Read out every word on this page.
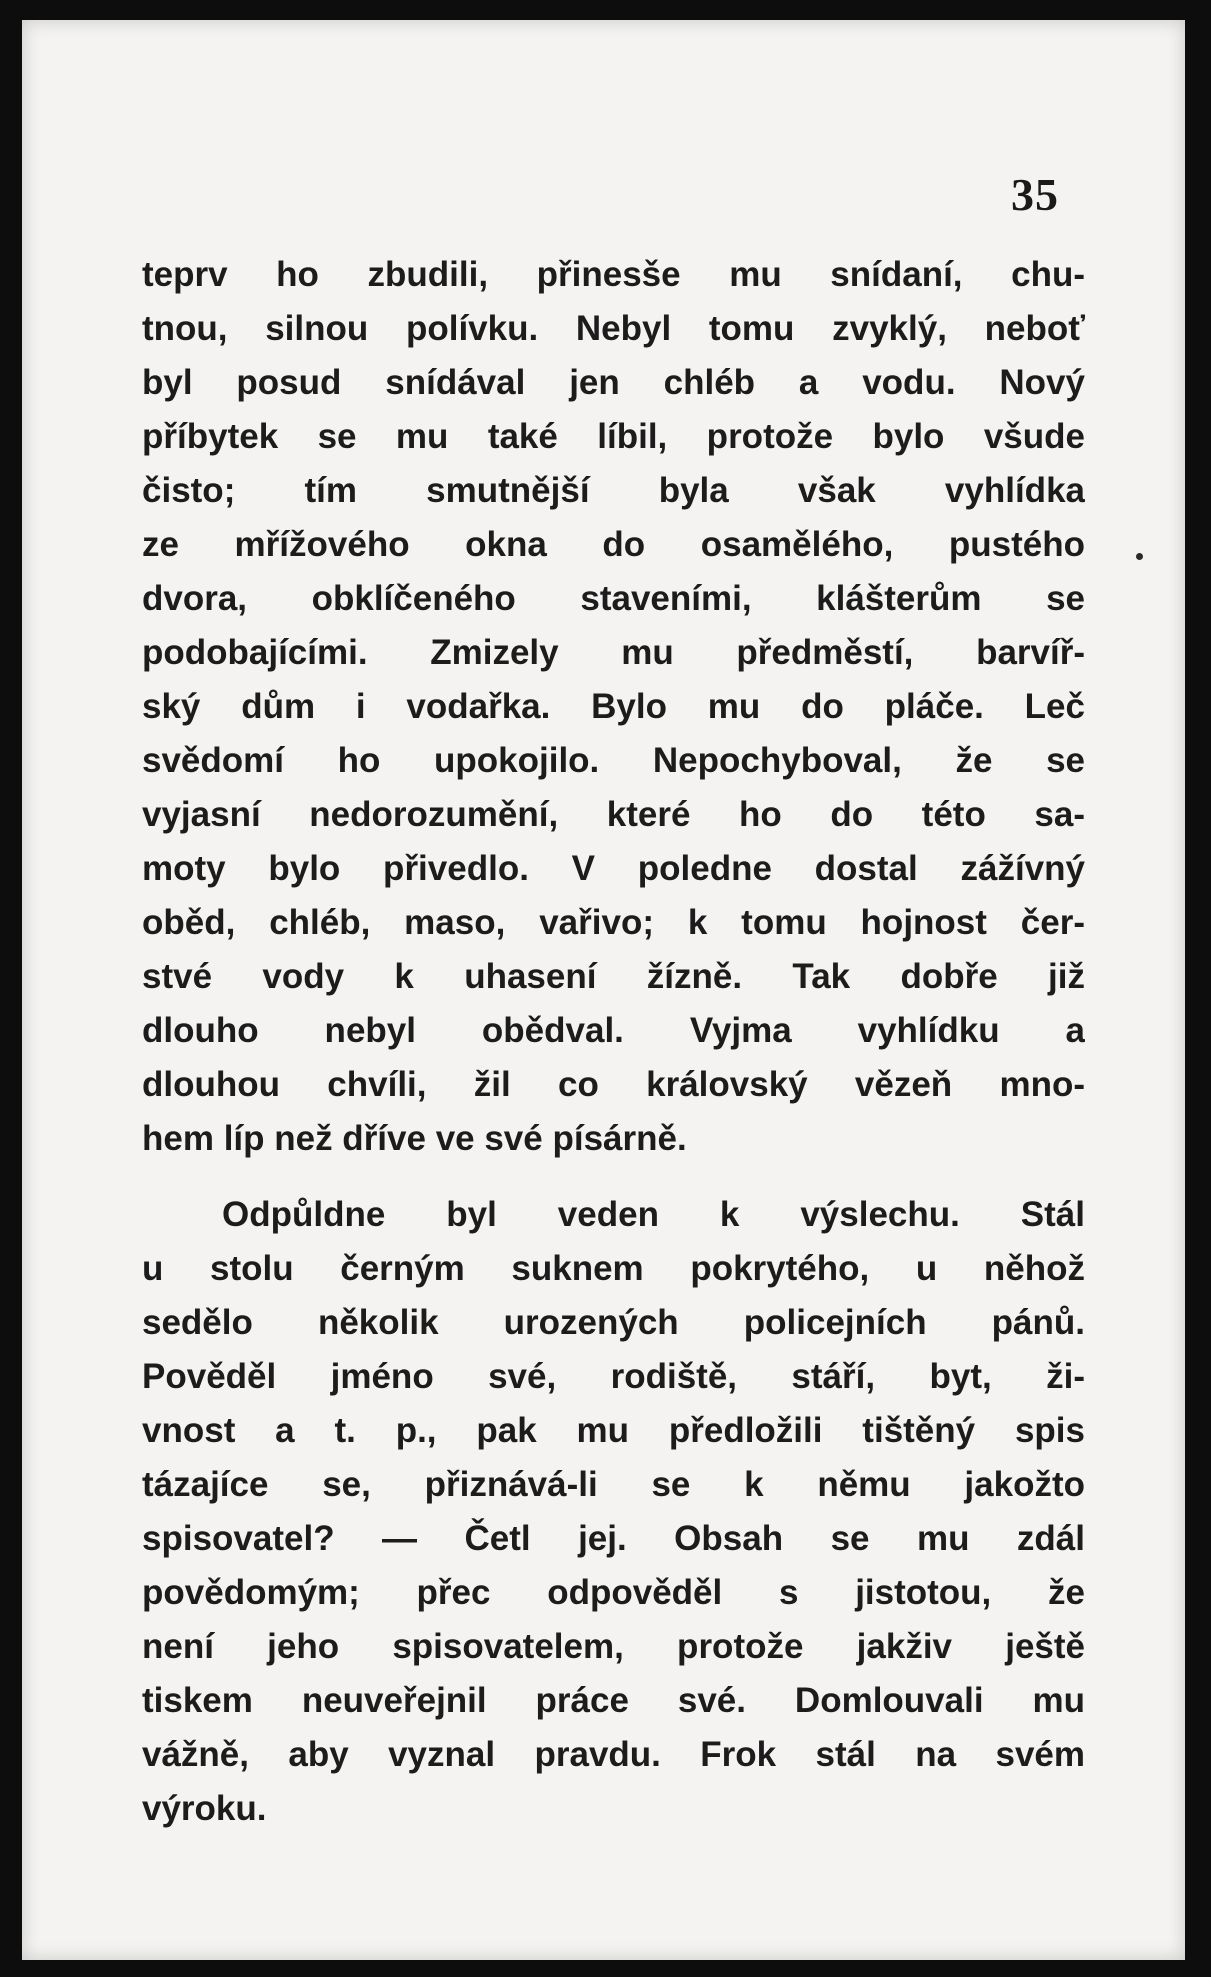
35
teprv ho zbudili, přinesše mu snídaní, chu-
tnou, silnou polívku. Nebyl tomu zvyklý, neboť
byl posud snídával jen chléb a vodu. Nový
příbytek se mu také líbil, protože bylo všude
čisto; tím smutnější byla však vyhlídka
ze mřížového okna do osamělého, pustého
dvora, obklíčeného staveními, klášterům se
podobajícími. Zmizely mu předměstí, barvíř-
ský dům i vodařka. Bylo mu do pláče. Leč
svědomí ho upokojilo. Nepochyboval, že se
vyjasní nedorozumění, které ho do této sa-
moty bylo přivedlo. V poledne dostal zážívný
oběd, chléb, maso, vařivo; k tomu hojnost čer-
stvé vody k uhasení žízně. Tak dobře již
dlouho nebyl obědval. Vyjma vyhlídku a
dlouhou chvíli, žil co královský vězeň mno-
hem líp než dříve ve své písárně.
Odpůldne byl veden k výslechu. Stál
u stolu černým suknem pokrytého, u něhož
sedělo několik urozených policejních pánů.
Pověděl jméno své, rodiště, stáří, byt, ži-
vnost a t. p., pak mu předložili tištěný spis
tázajíce se, přiznává-li se k němu jakožto
spisovatel? — Četl jej. Obsah se mu zdál
povědomým; přec odpověděl s jistotou, že
není jeho spisovatelem, protože jakživ ještě
tiskem neuveřejnil práce své. Domlouvali mu
vážně, aby vyznal pravdu. Frok stál na svém
výroku.
